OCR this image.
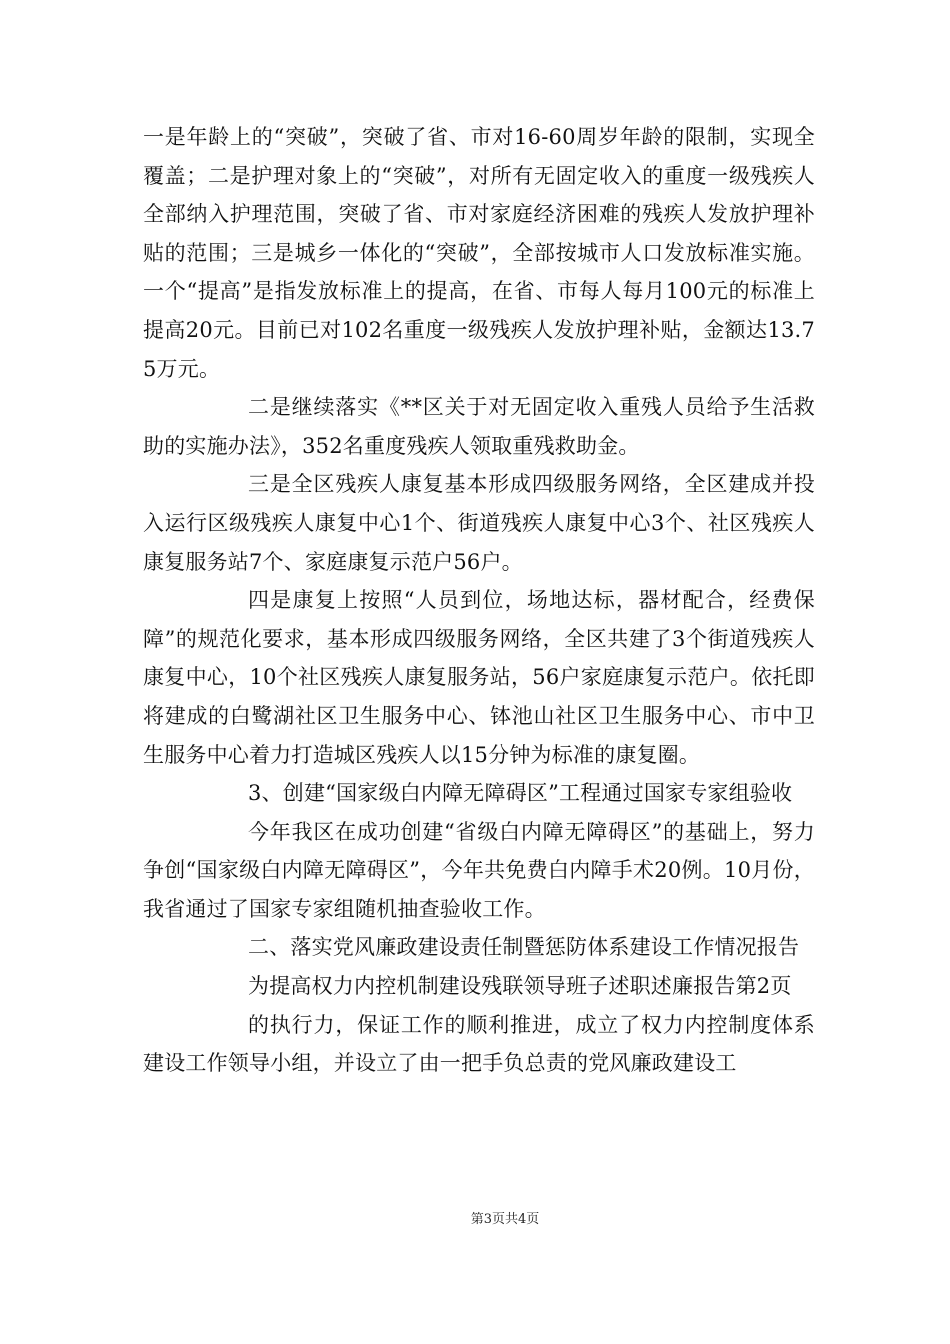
一是年龄上的“突破”，突破了省、市对16-60周岁年龄的限制，实现全覆盖；二是护理对象上的“突破”，对所有无固定收入的重度一级残疾人全部纳入护理范围，突破了省、市对家庭经济困难的残疾人发放护理补贴的范围；三是城乡一体化的“突破”，全部按城市人口发放标准实施。一个“提高”是指发放标准上的提高，在省、市每人每月100元的标准上提高20元。目前已对102名重度一级残疾人发放护理补贴，金额达13.75万元。

二是继续落实《**区关于对无固定收入重残人员给予生活救助的实施办法》，352名重度残疾人领取重残救助金。

三是全区残疾人康复基本形成四级服务网络，全区建成并投入运行区级残疾人康复中心1个、街道残疾人康复中心3个、社区残疾人康复服务站7个、家庭康复示范户56户。

四是康复上按照“人员到位，场地达标，器材配合，经费保障”的规范化要求，基本形成四级服务网络，全区共建了3个街道残疾人康复中心，10个社区残疾人康复服务站，56户家庭康复示范户。依托即将建成的白鹭湖社区卫生服务中心、钵池山社区卫生服务中心、市中卫生服务中心着力打造城区残疾人以15分钟为标准的康复圈。

3、创建“国家级白内障无障碍区”工程通过国家专家组验收

今年我区在成功创建“省级白内障无障碍区”的基础上，努力争创“国家级白内障无障碍区”，今年共免费白内障手术20例。10月份，我省通过了国家专家组随机抽查验收工作。

二、落实党风廉政建设责任制暨惩防体系建设工作情况报告

为提高权力内控机制建设残联领导班子述职述廉报告第2页

的执行力，保证工作的顺利推进，成立了权力内控制度体系建设工作领导小组，并设立了由一把手负总责的党风廉政建设工

第3页共4页
